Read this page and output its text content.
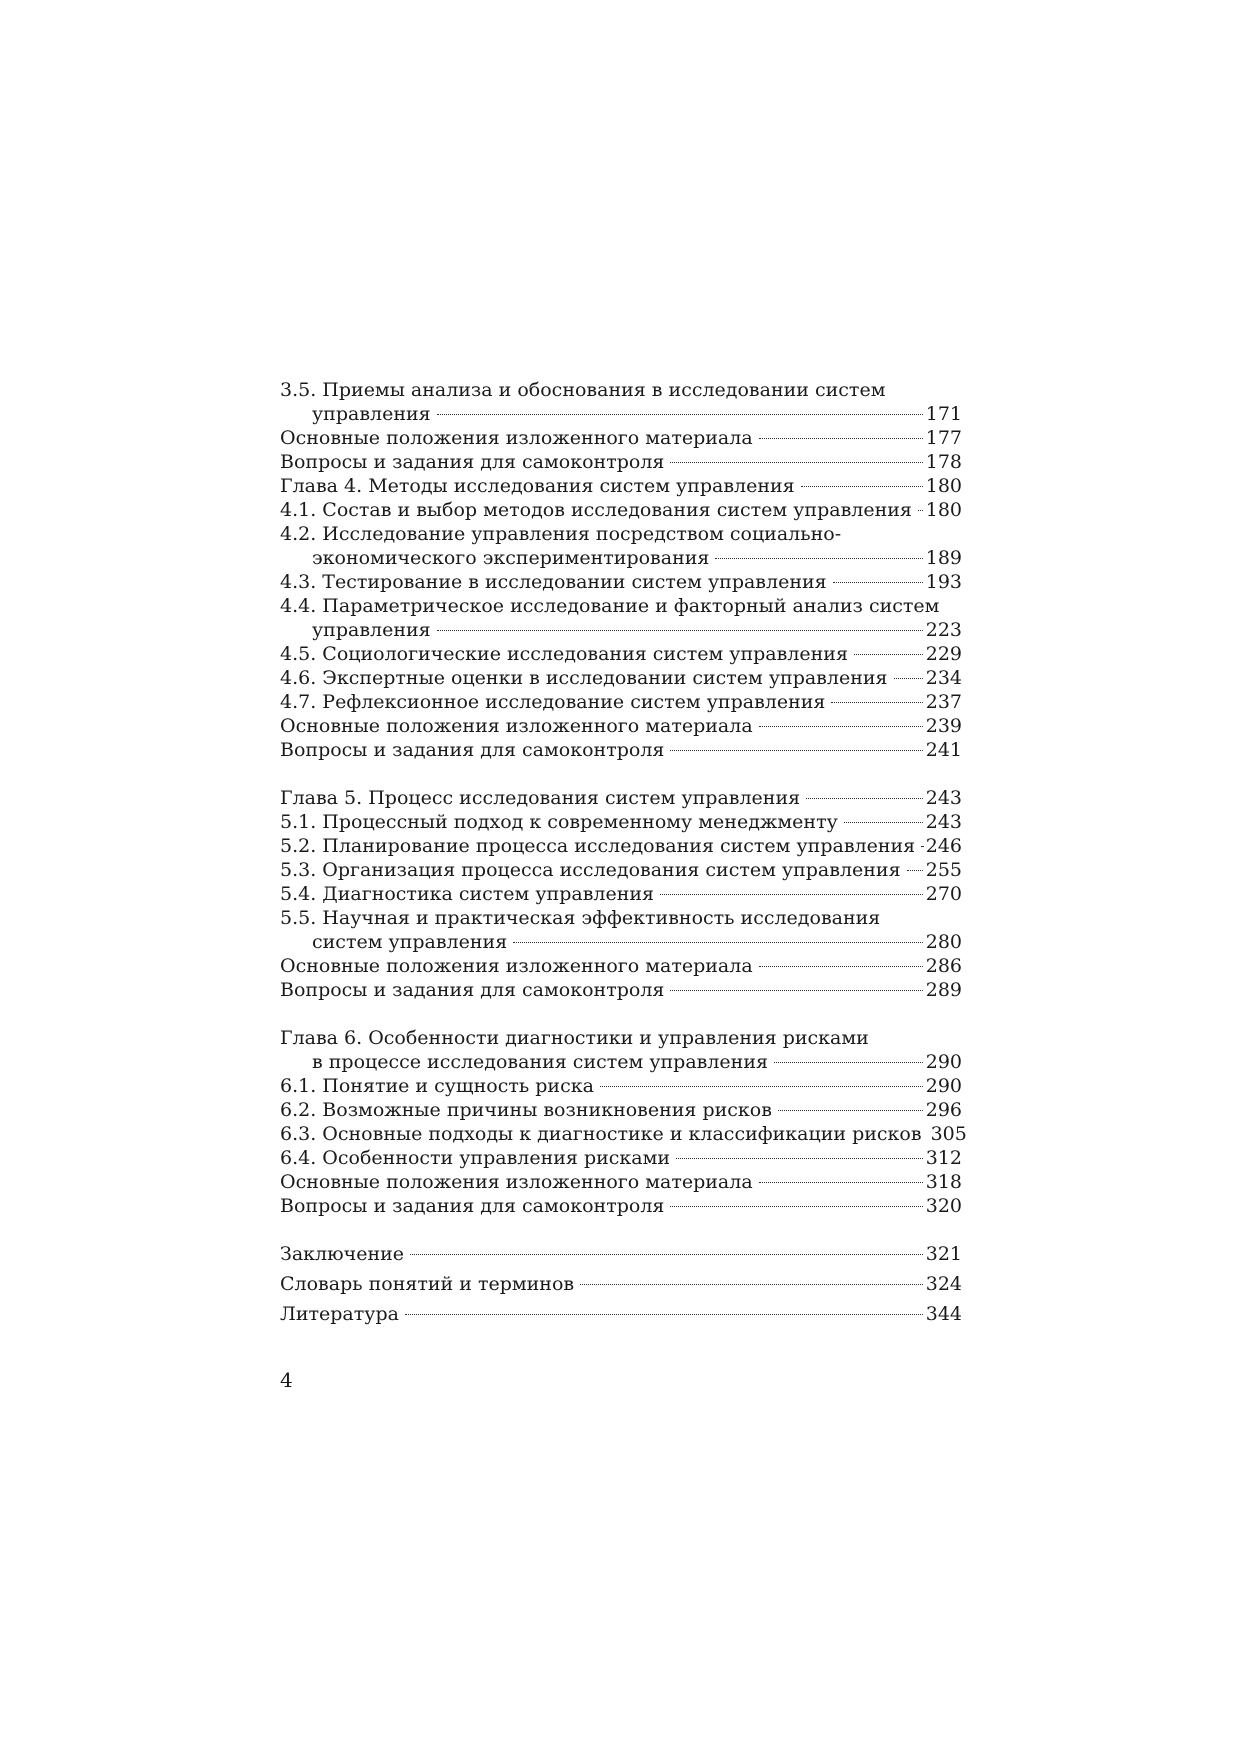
3.5. Приемы анализа и обоснования в исследовании систем
управления	171
Основные положения изложенного материала	177
Вопросы и задания для самоконтроля	178
Глава 4. Методы исследования систем управления	180
4.1. Состав и выбор методов исследования систем управления 180
4.2. Исследование управления посредством социально-
экономического экспериментирования	189
4.3. Тестирование в исследовании систем управления	193
4.4. Параметрическое исследование и факторный анализ систем
управления	223
4.5. Социологические исследования систем управления	229
4.6. Экспертные оценки в исследовании систем управления 234
4.7. Рефлексионное исследование систем управления	237
Основные положения изложенного материала	239
Вопросы и задания для самоконтроля	241
Глава 5. Процесс исследования систем управления	243
5.1. Процессный подход к современному менеджменту	243
5.2. Планирование процесса исследования систем управления 246
5.3. Организация процесса исследования систем управления 255
5.4. Диагностика систем управления	270
5.5. Научная и практическая эффективность исследования
систем управления	280
Основные положения изложенного материала	286
Вопросы и задания для самоконтроля	289
Глава 6. Особенности диагностики и управления рисками
в процессе исследования систем управления	290
6.1. Понятие и сущность риска	290
6.2. Возможные причины возникновения рисков	296
6.3. Основные подходы к диагностике и классификации рисков 305
6.4. Особенности управления рисками	312
Основные положения изложенного материала	318
Вопросы и задания для самоконтроля	320
Заключение	321
Словарь понятий и терминов	324
Литература	344
4
